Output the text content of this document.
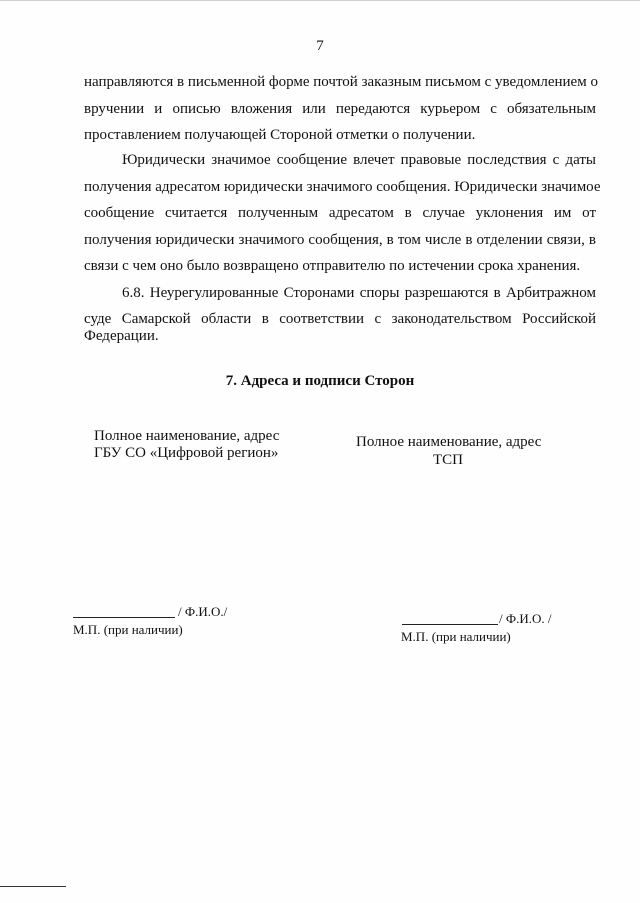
7
направляются в письменной форме почтой заказным письмом с уведомлением о
вручении и описью вложения или передаются курьером с обязательным
проставлением получающей Стороной отметки о получении.
Юридически значимое сообщение влечет правовые последствия с даты
получения адресатом юридически значимого сообщения. Юридически значимое
сообщение считается полученным адресатом в случае уклонения им от
получения юридически значимого сообщения, в том числе в отделении связи, в
связи с чем оно было возвращено отправителю по истечении срока хранения.
6.8. Неурегулированные Сторонами споры разрешаются в Арбитражном
суде Самарской области в соответствии с законодательством Российской
Федерации.
7. Адреса и подписи Сторон
Полное наименование, адрес
ГБУ СО «Цифровой регион»
Полное наименование, адрес
ТСП
/ Ф.И.О./
М.П. (при наличии)
/ Ф.И.О. /
М.П. (при наличии)
